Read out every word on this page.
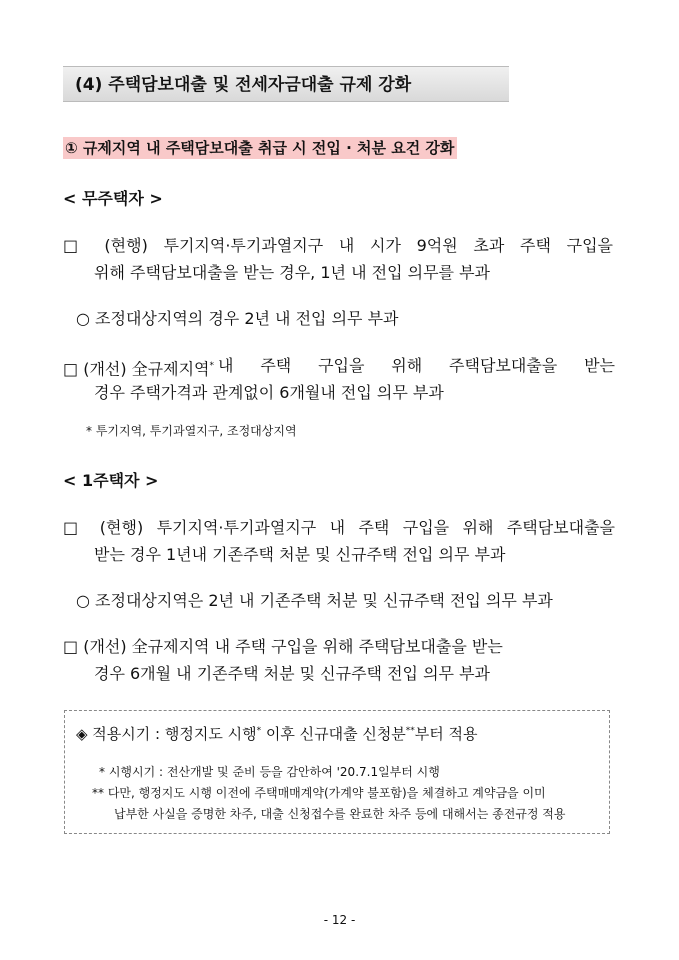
(4) 주택담보대출 및 전세자금대출 규제 강화
① 규제지역 내 주택담보대출 취급 시 전입 · 처분 요건 강화
< 무주택자 >
□ (현행) 투기지역·투기과열지구 내 시가 9억원 초과 주택 구입을
위해 주택담보대출을 받는 경우, 1년 내 전입 의무를 부과
○ 조정대상지역의 경우 2년 내 전입 의무 부과
□ (개선) 全규제지역* 내 주택 구입을 위해 주택담보대출을 받는
경우 주택가격과 관계없이 6개월내 전입 의무 부과
* 투기지역, 투기과열지구, 조정대상지역
< 1주택자 >
□ (현행) 투기지역·투기과열지구 내 주택 구입을 위해 주택담보대출을
받는 경우 1년내 기존주택 처분 및 신규주택 전입 의무 부과
○ 조정대상지역은 2년 내 기존주택 처분 및 신규주택 전입 의무 부과
□ (개선) 全규제지역 내 주택 구입을 위해 주택담보대출을 받는
경우 6개월 내 기존주택 처분 및 신규주택 전입 의무 부과
◈ 적용시기 : 행정지도 시행* 이후 신규대출 신청분**부터 적용
* 시행시기 : 전산개발 및 준비 등을 감안하여 '20.7.1일부터 시행
** 다만, 행정지도 시행 이전에 주택매매계약(가계약 불포함)을 체결하고 계약금을 이미
납부한 사실을 증명한 차주, 대출 신청접수를 완료한 차주 등에 대해서는 종전규정 적용
- 12 -
